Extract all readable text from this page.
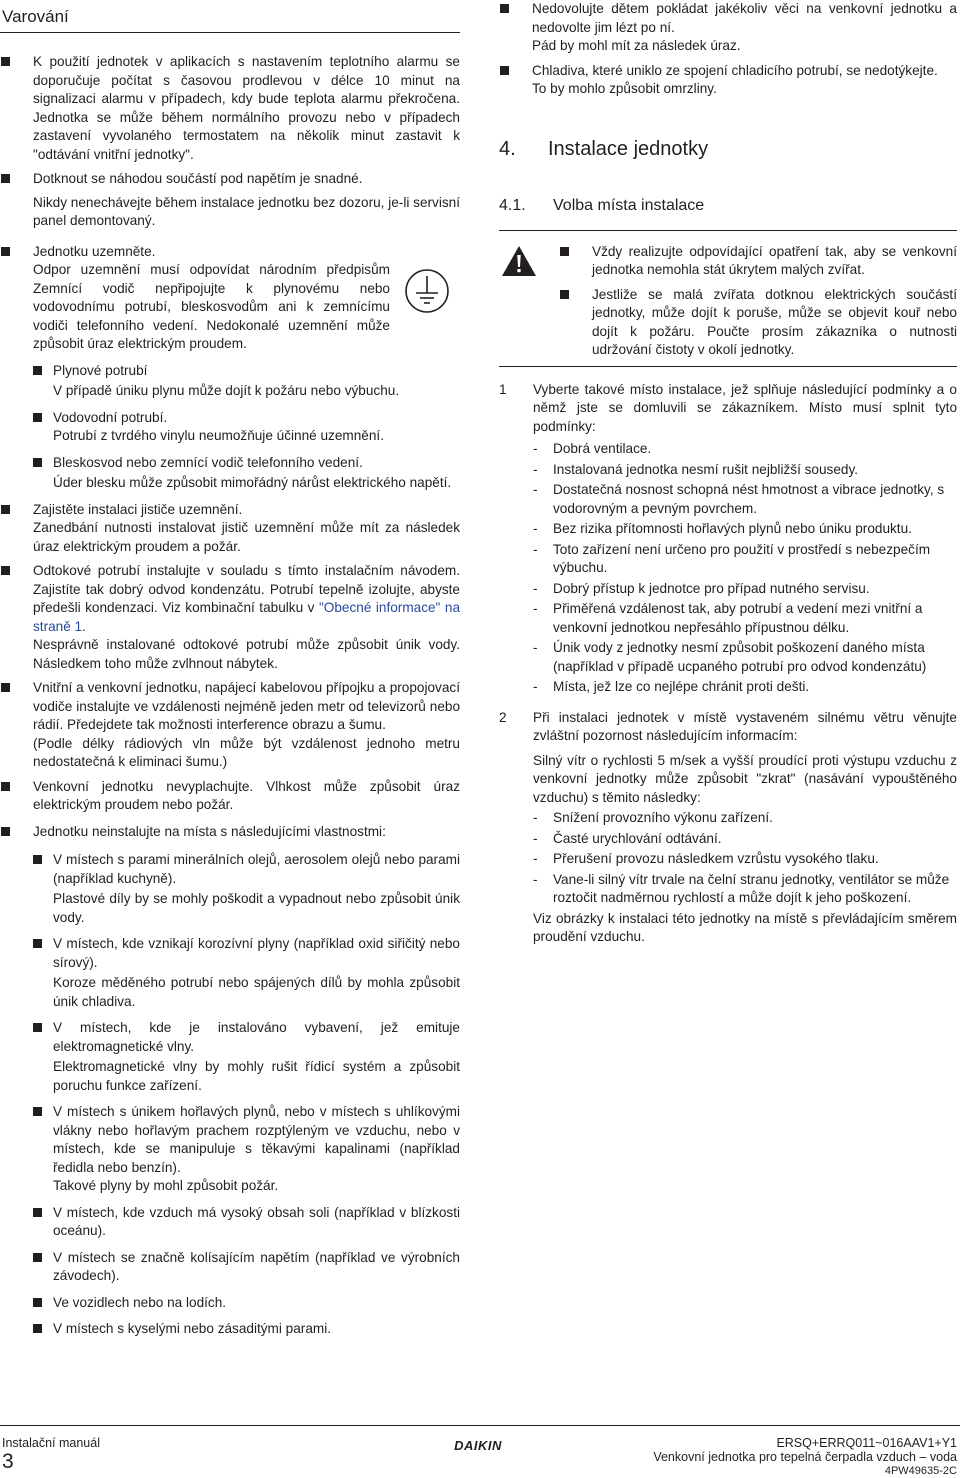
Varování

K použití jednotek v aplikacích s nastavením teplotního alarmu se doporučuje počítat s časovou prodlevou v délce 10 minut na signalizaci alarmu v případech, kdy bude teplota alarmu překročena. Jednotka se může během normálního provozu nebo v případech zastavení vyvolaného termostatem na několik minut zastavit k "odtávání vnitřní jednotky".

Dotknout se náhodou součástí pod napětím je snadné.

Nikdy nenechávejte během instalace jednotku bez dozoru, je-li servisní panel demontovaný.

Jednotku uzemněte.

Odpor uzemnění musí odpovídat národním předpisům Zemnící vodič nepřipojujte k plynovému nebo vodovodnímu potrubí, bleskosvodům ani k zemnícímu vodiči telefonního vedení. Nedokonalé uzemnění může způsobit úraz elektrickým proudem.

Plynové potrubí

V případě úniku plynu může dojít k požáru nebo výbuchu.

Vodovodní potrubí.

Potrubí z tvrdého vinylu neumožňuje účinné uzemnění.

Bleskosvod nebo zemnící vodič telefonního vedení.

Úder blesku může způsobit mimořádný nárůst elektrického napětí.

Zajistěte instalaci jističe uzemnění.

Zanedbání nutnosti instalovat jistič uzemnění může mít za následek úraz elektrickým proudem a požár.

Odtokové potrubí instalujte v souladu s tímto instalačním návodem. Zajistíte tak dobrý odvod kondenzátu. Potrubí tepelně izolujte, abyste předešli kondenzaci. Viz kombinační tabulku v "Obecné informace" na straně 1.

Nesprávně instalované odtokové potrubí může způsobit únik vody. Následkem toho může zvlhnout nábytek.

Vnitřní a venkovní jednotku, napájecí kabelovou přípojku a propojovací vodiče instalujte ve vzdálenosti nejméně jeden metr od televizorů nebo rádií. Předejdete tak možnosti interference obrazu a šumu.

(Podle délky rádiových vln může být vzdálenost jednoho metru nedostatečná k eliminaci šumu.)

Venkovní jednotku nevyplachujte. Vlhkost může způsobit úraz elektrickým proudem nebo požár.

Jednotku neinstalujte na místa s následujícími vlastnostmi:

V místech s parami minerálních olejů, aerosolem olejů nebo parami (například kuchyně).

Plastové díly by se mohly poškodit a vypadnout nebo způsobit únik vody.

V místech, kde vznikají korozívní plyny (například oxid siřičitý nebo sírový).

Koroze měděného potrubí nebo spájených dílů by mohla způsobit únik chladiva.

V místech, kde je instalováno vybavení, jež emituje elektromagnetické vlny.

Elektromagnetické vlny by mohly rušit řídicí systém a způsobit poruchu funkce zařízení.

V místech s únikem hořlavých plynů, nebo v místech s uhlíkovými vlákny nebo hořlavým prachem rozptýleným ve vzduchu, nebo v místech, kde se manipuluje s těkavými kapalinami (například ředidla nebo benzín).

Takové plyny by mohl způsobit požár.

V místech, kde vzduch má vysoký obsah soli (například v blízkosti oceánu).

V místech se značně kolísajícím napětím (například ve výrobních závodech).

Ve vozidlech nebo na lodích.

V místech s kyselými nebo zásaditými parami.

Nedovolujte dětem pokládat jakékoliv věci na venkovní jednotku a nedovolte jim lézt po ní.

Pád by mohl mít za následek úraz.

Chladiva, které uniklo ze spojení chladicího potrubí, se nedotýkejte.

To by mohlo způsobit omrzliny.

4.	Instalace jednotky
4.1.	Volba místa instalace

Vždy realizujte odpovídající opatření tak, aby se venkovní jednotka nemohla stát úkrytem malých zvířat.

Jestliže se malá zvířata dotknou elektrických součástí jednotky, může dojít k poruše, může se objevit kouř nebo dojít k požáru. Poučte prosím zákazníka o nutnosti udržování čistoty v okolí jednotky.

1	Vyberte takové místo instalace, jež splňuje následující podmínky a o němž jste se domluvili se zákazníkem. Místo musí splnit tyto podmínky:

- Dobrá ventilace.
- Instalovaná jednotka nesmí rušit nejbližší sousedy.
- Dostatečná nosnost schopná nést hmotnost a vibrace jednotky, s vodorovným a pevným povrchem.
- Bez rizika přítomnosti hořlavých plynů nebo úniku produktu.
- Toto zařízení není určeno pro použití v prostředí s nebezpečím výbuchu.
- Dobrý přístup k jednotce pro případ nutného servisu.
- Přiměřená vzdálenost tak, aby potrubí a vedení mezi vnitřní a venkovní jednotkou nepřesáhlo přípustnou délku.
- Únik vody z jednotky nesmí způsobit poškození daného místa (například v případě ucpaného potrubí pro odvod kondenzátu)
- Místa, jež lze co nejlépe chránit proti dešti.
2	Při instalaci jednotek v místě vystaveném silnému větru věnujte zvláštní pozornost následujícím informacím:

Silný vítr o rychlosti 5 m/sek a vyšší proudící proti výstupu vzduchu z venkovní jednotky může způsobit "zkrat" (nasávání vypouštěného vzduchu) s těmito následky:

- Snížení provozního výkonu zařízení.
- Časté urychlování odtávání.
- Přerušení provozu následkem vzrůstu vysokého tlaku.
- Vane-li silný vítr trvale na čelní stranu jednotky, ventilátor se může roztočit nadměrnou rychlostí a může dojít k jeho poškození.

Viz obrázky k instalaci této jednotky na místě s převládajícím směrem proudění vzduchu.

Instalační manuál
3
DAIKIN	ERSQ+ERRQ011~016AAV1+Y1
Venkovní jednotka pro tepelná čerpadla vzduch – voda
4PW49635-2C
